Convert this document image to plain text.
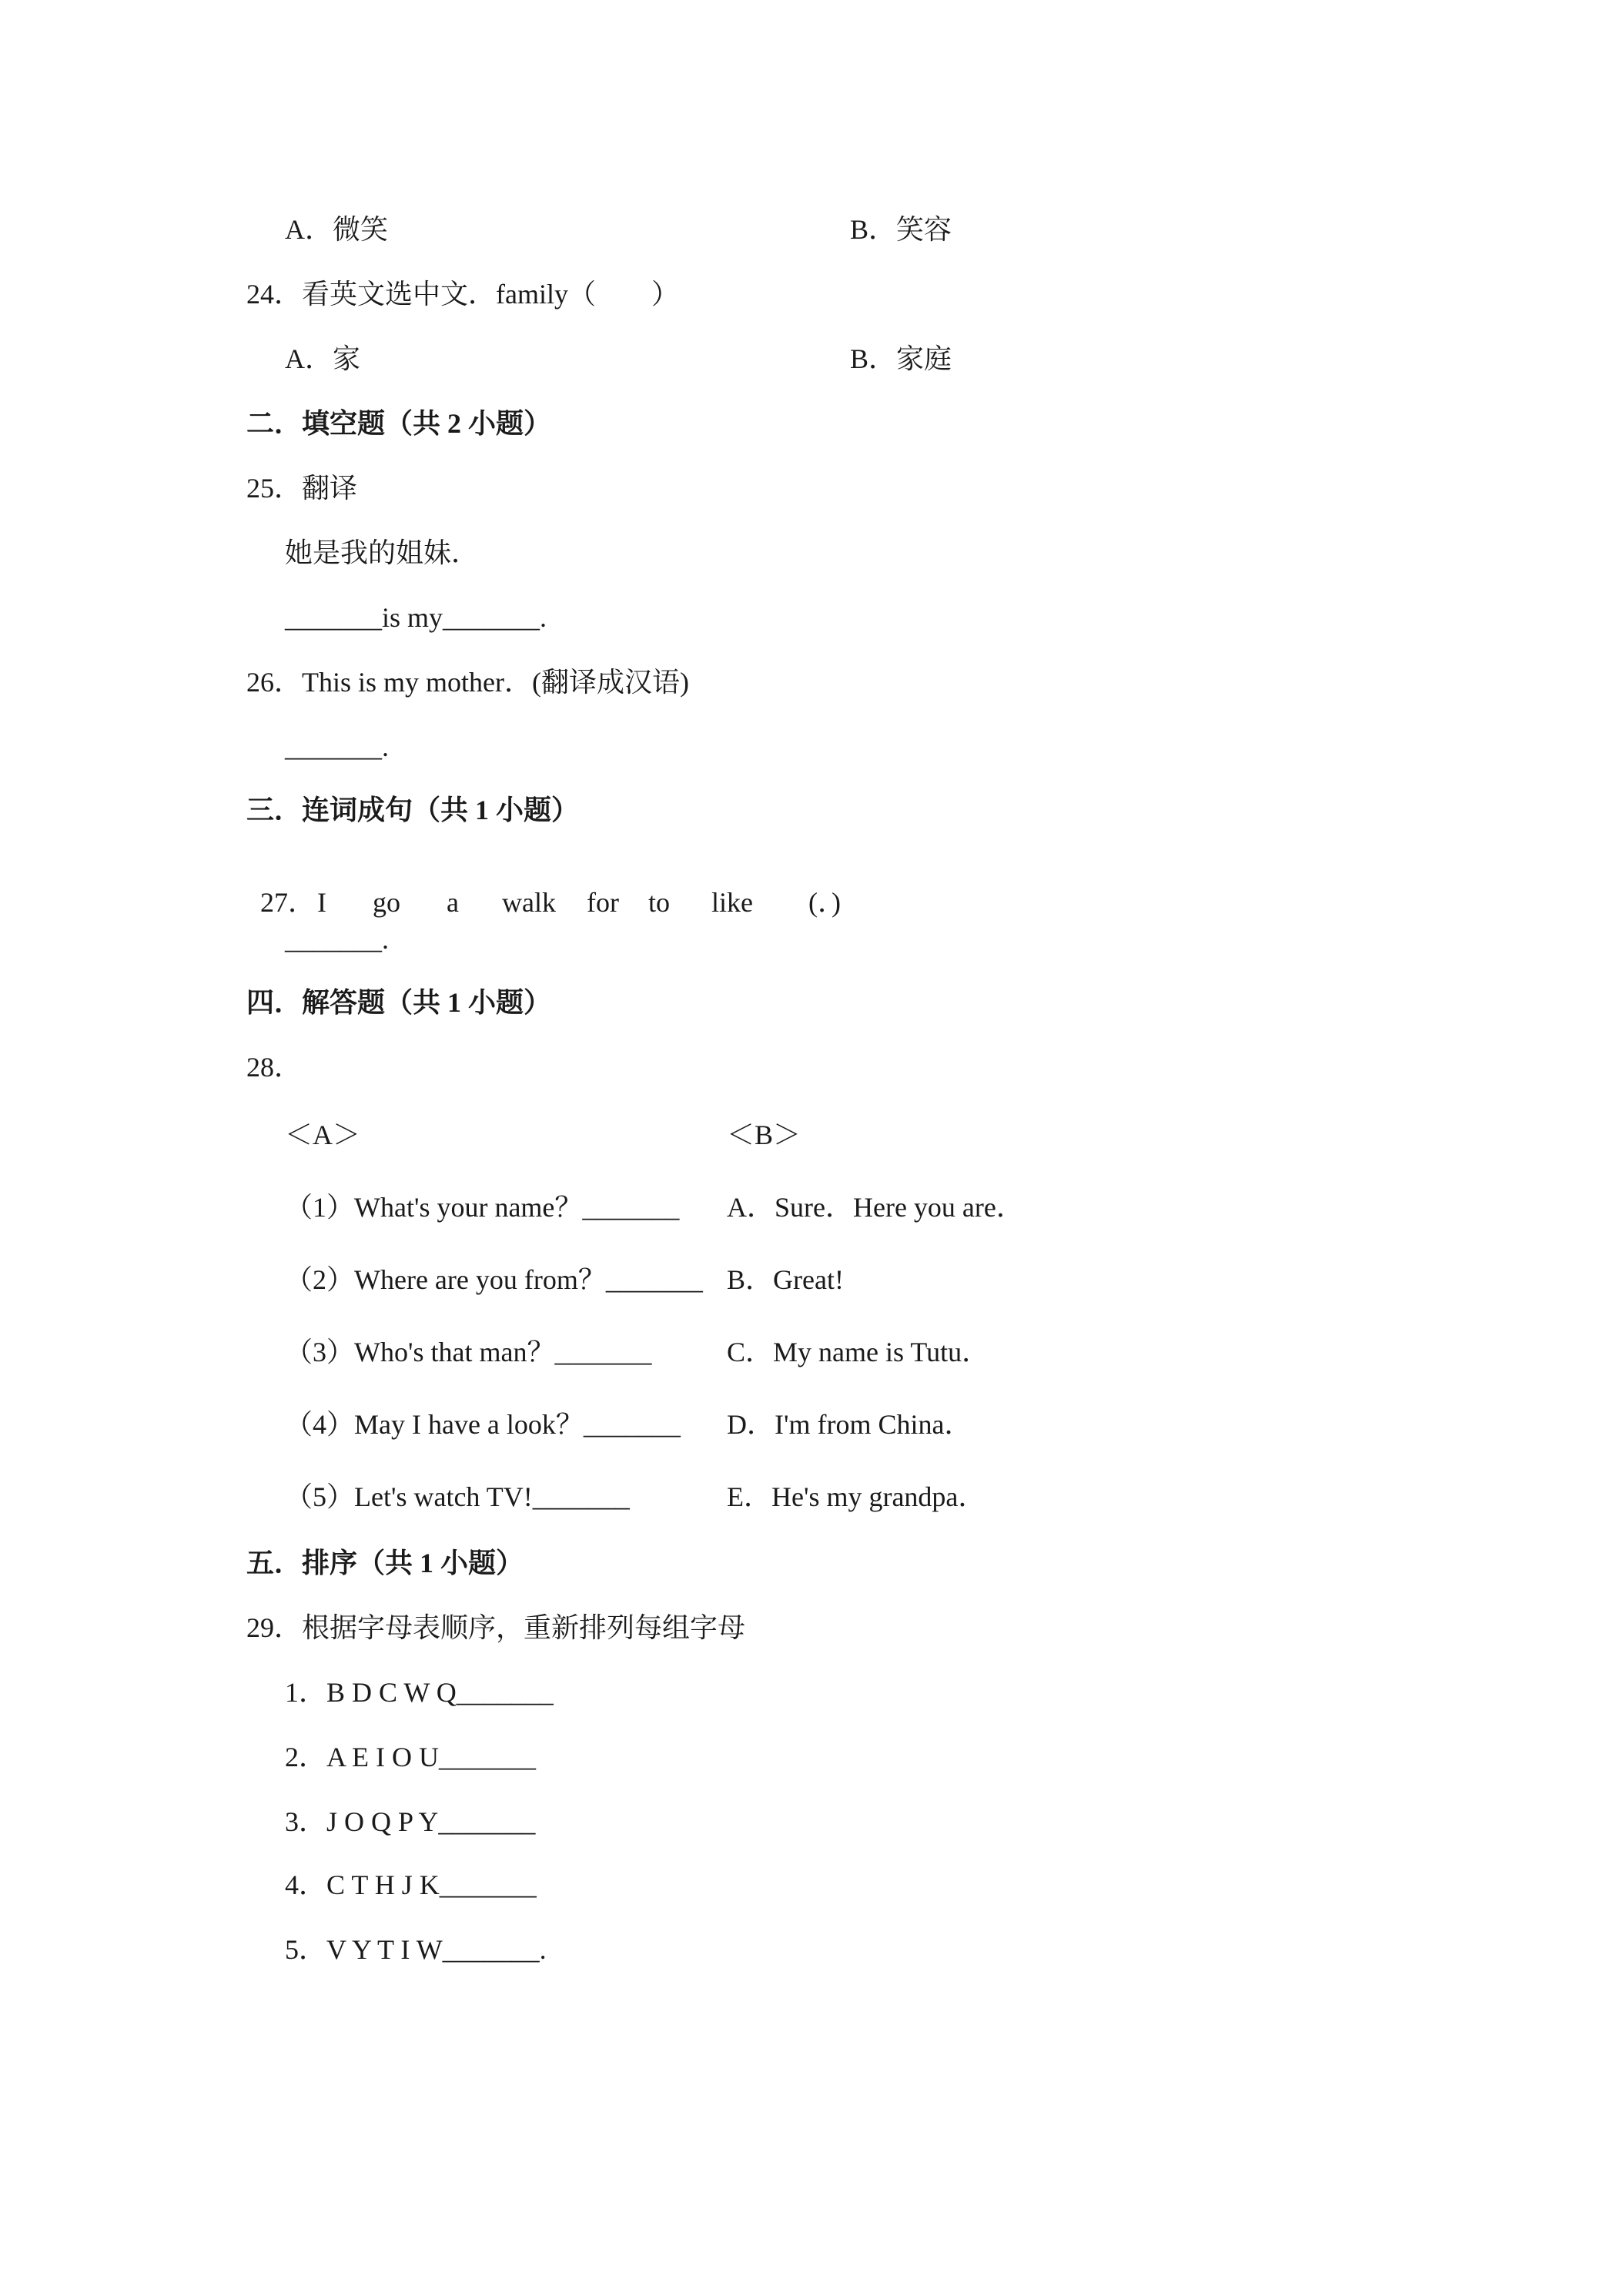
A．微笑	B．笑容
24．看英文选中文．family（　　）
A．家	B．家庭
二．填空题（共 2 小题）
25．翻译
她是我的姐妹．
_______is my_______.
26．This is my mother．(翻译成汉语)
_______.
三．连词成句（共 1 小题）

27．I go a walk for to like (．)

_______.
四．解答题（共 1 小题）
28．
＜A＞	＜B＞
（1）What's your name？_______ A．Sure．Here you are．
（2）Where are you from？_______ B．Great!
（3）Who's that man？_______	C．My name is Tutu．
（4）May I have a look？_______ D．I'm from China．
（5）Let's watch TV!_______	E．He's my grandpa．
五．排序（共 1 小题）
29．根据字母表顺序，重新排列每组字母
1．B D C W Q_______
2．A E I O U_______
3．J O Q P Y_______
4．C T H J K_______
5．V Y T I W_______.
